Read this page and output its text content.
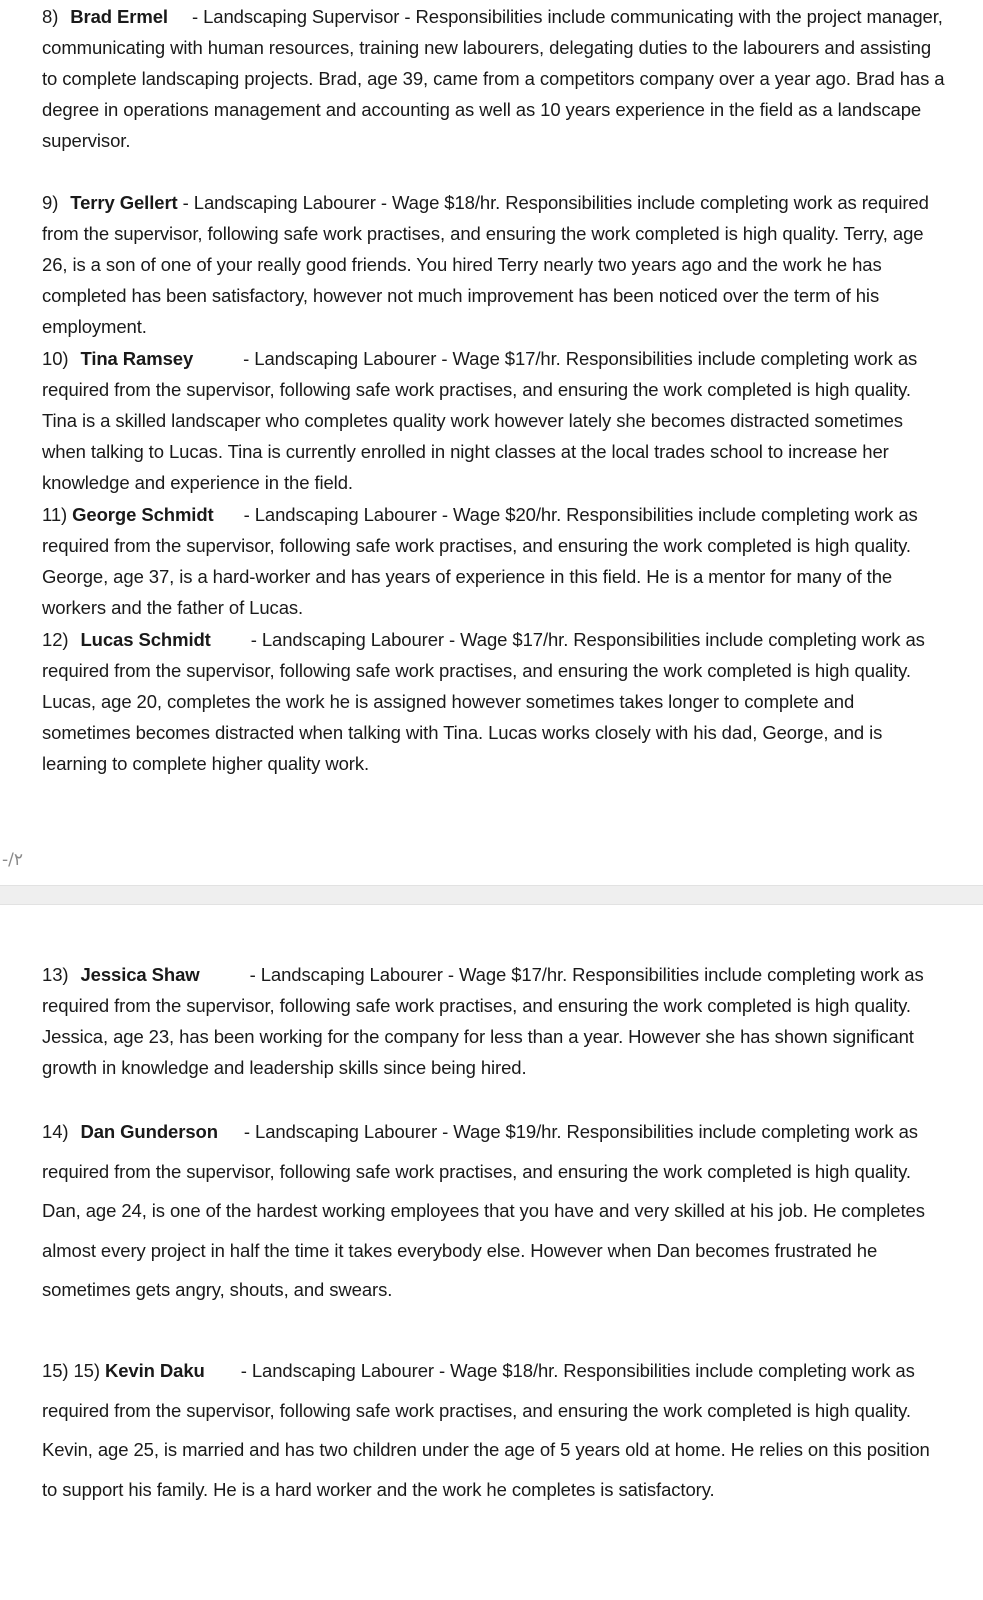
8) Brad Ermel - Landscaping Supervisor - Responsibilities include communicating with the project manager, communicating with human resources, training new labourers, delegating duties to the labourers and assisting to complete landscaping projects. Brad, age 39, came from a competitors company over a year ago. Brad has a degree in operations management and accounting as well as 10 years experience in the field as a landscape supervisor.
9) Terry Gellert - Landscaping Labourer - Wage $18/hr. Responsibilities include completing work as required from the supervisor, following safe work practises, and ensuring the work completed is high quality. Terry, age 26, is a son of one of your really good friends. You hired Terry nearly two years ago and the work he has completed has been satisfactory, however not much improvement has been noticed over the term of his employment.
10) Tina Ramsey	- Landscaping Labourer - Wage $17/hr. Responsibilities include completing work as required from the supervisor, following safe work practises, and ensuring the work completed is high quality. Tina is a skilled landscaper who completes quality work however lately she becomes distracted sometimes when talking to Lucas. Tina is currently enrolled in night classes at the local trades school to increase her knowledge and experience in the field.
11) George Schmidt - Landscaping Labourer - Wage $20/hr. Responsibilities include completing work as required from the supervisor, following safe work practises, and ensuring the work completed is high quality. George, age 37, is a hard-worker and has years of experience in this field. He is a mentor for many of the workers and the father of Lucas.
12) Lucas Schmidt - Landscaping Labourer - Wage $17/hr. Responsibilities include completing work as required from the supervisor, following safe work practises, and ensuring the work completed is high quality. Lucas, age 20, completes the work he is assigned however sometimes takes longer to complete and sometimes becomes distracted when talking with Tina. Lucas works closely with his dad, George, and is learning to complete higher quality work.
-/٢
13) Jessica Shaw	- Landscaping Labourer - Wage $17/hr. Responsibilities include completing work as required from the supervisor, following safe work practises, and ensuring the work completed is high quality. Jessica, age 23, has been working for the company for less than a year. However she has shown significant growth in knowledge and leadership skills since being hired.
14) Dan Gunderson - Landscaping Labourer - Wage $19/hr. Responsibilities include completing work as required from the supervisor, following safe work practises, and ensuring the work completed is high quality. Dan, age 24, is one of the hardest working employees that you have and very skilled at his job. He completes almost every project in half the time it takes everybody else. However when Dan becomes frustrated he sometimes gets angry, shouts, and swears.
15) 15) Kevin Daku - Landscaping Labourer - Wage $18/hr. Responsibilities include completing work as required from the supervisor, following safe work practises, and ensuring the work completed is high quality. Kevin, age 25, is married and has two children under the age of 5 years old at home. He relies on this position to support his family. He is a hard worker and the work he completes is satisfactory.
